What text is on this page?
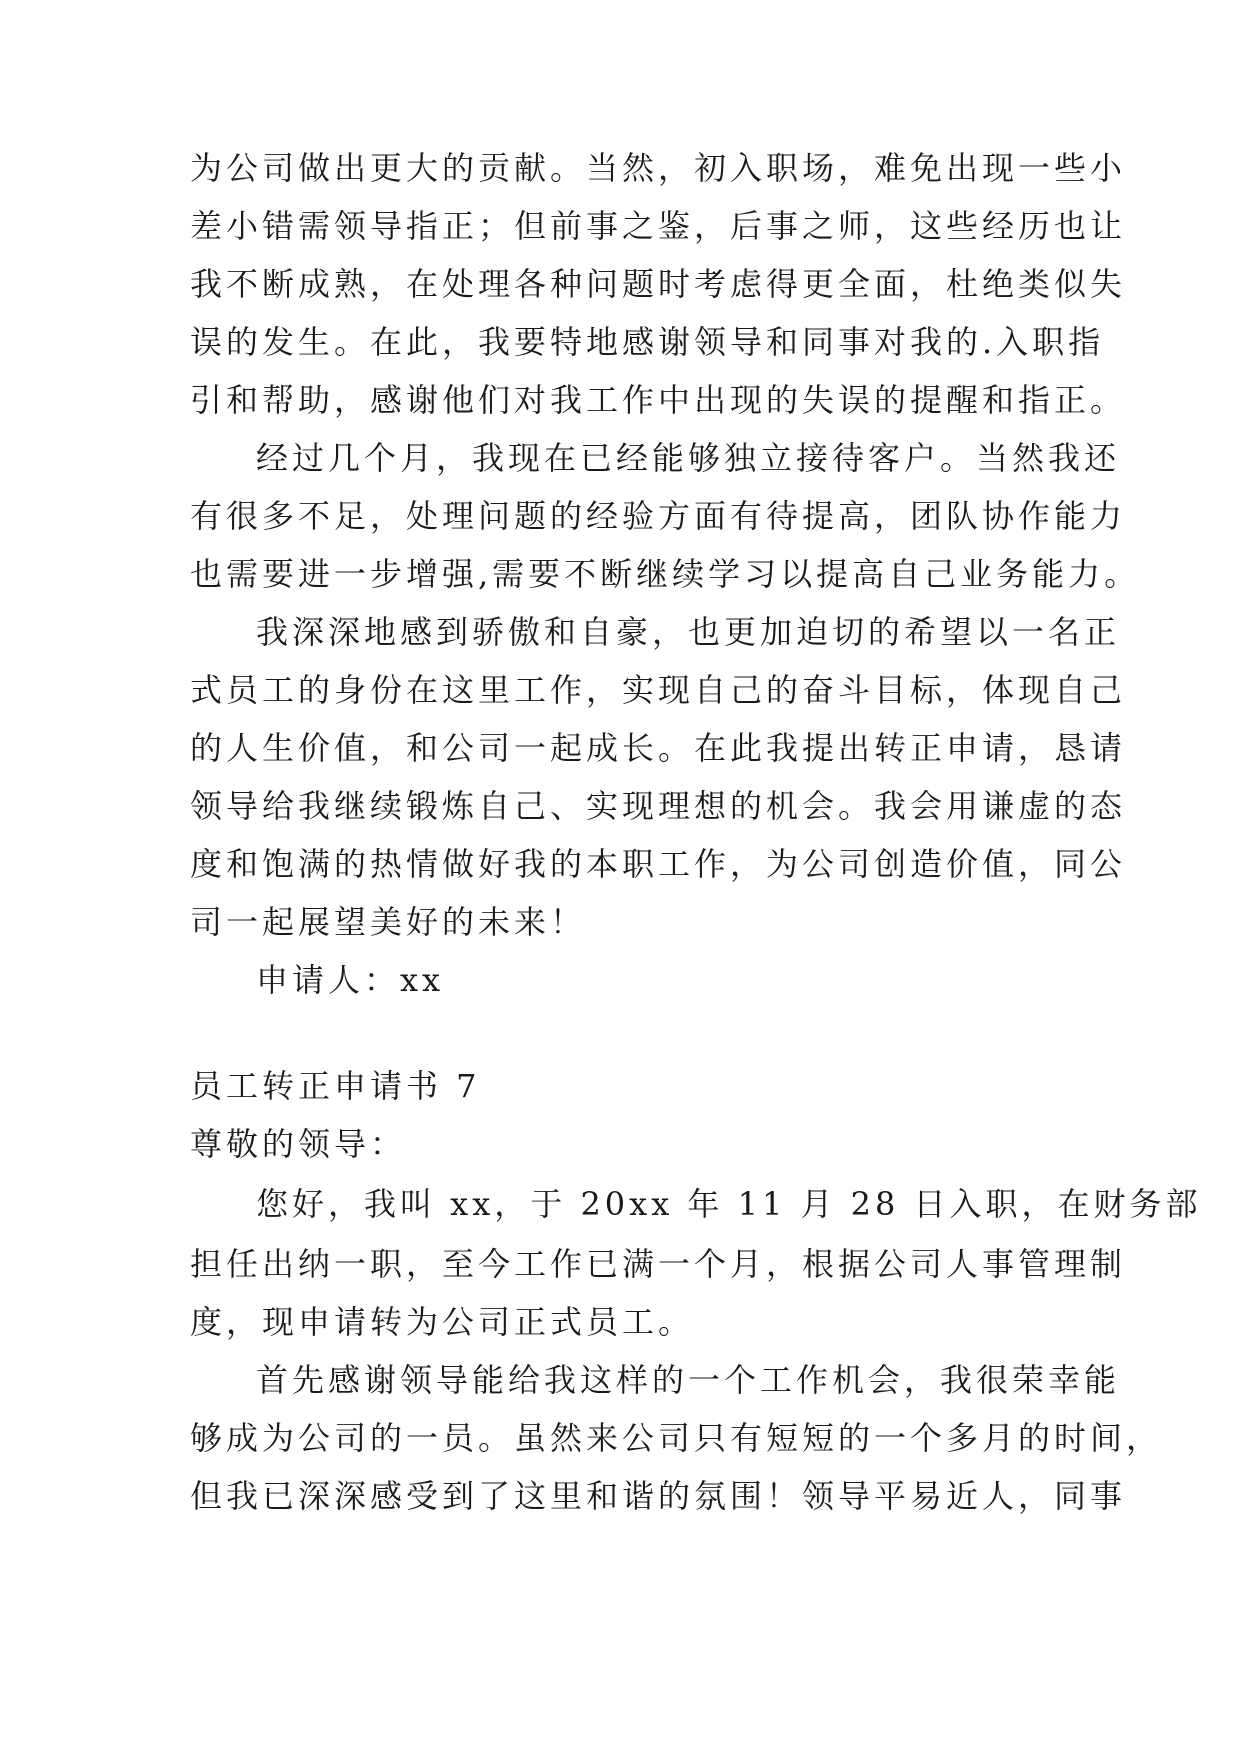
为公司做出更大的贡献。当然，初入职场，难免出现一些小
差小错需领导指正；但前事之鉴，后事之师，这些经历也让
我不断成熟，在处理各种问题时考虑得更全面，杜绝类似失
误的发生。在此，我要特地感谢领导和同事对我的.入职指
引和帮助，感谢他们对我工作中出现的失误的提醒和指正。
经过几个月，我现在已经能够独立接待客户。当然我还
有很多不足，处理问题的经验方面有待提高，团队协作能力
也需要进一步增强,需要不断继续学习以提高自己业务能力。
我深深地感到骄傲和自豪，也更加迫切的希望以一名正
式员工的身份在这里工作，实现自己的奋斗目标，体现自己
的人生价值，和公司一起成长。在此我提出转正申请，恳请
领导给我继续锻炼自己、实现理想的机会。我会用谦虚的态
度和饱满的热情做好我的本职工作，为公司创造价值，同公
司一起展望美好的未来！
申请人：xx
员工转正申请书 7
尊敬的领导：
您好，我叫 xx，于 20xx 年 11 月 28 日入职，在财务部
担任出纳一职，至今工作已满一个月，根据公司人事管理制
度，现申请转为公司正式员工。
首先感谢领导能给我这样的一个工作机会，我很荣幸能
够成为公司的一员。虽然来公司只有短短的一个多月的时间，
但我已深深感受到了这里和谐的氛围！领导平易近人，同事
